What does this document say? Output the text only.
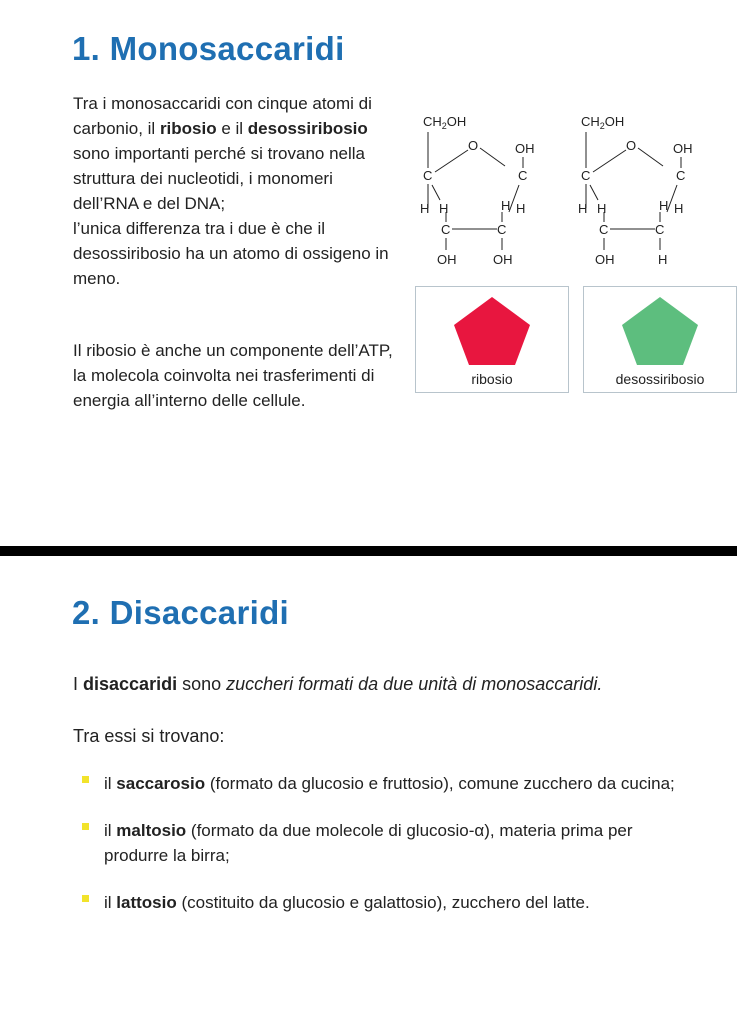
1. Monosaccaridi

Tra i monosaccaridi con cinque atomi di carbonio, il ribosio e il desossiribosio sono importanti perché si trovano nella struttura dei nucleotidi, i monomeri dell’RNA e del DNA;
l’unica differenza tra i due è che il desossiribosio ha un atomo di ossigeno in meno.

Il ribosio è anche un componente dell’ATP, la molecola coinvolta nei trasferimenti di energia all’interno delle cellule.

$CH_2OH$
C
O	OH
C
H H	H H
C	C
OH	OH
$CH_2OH$
C
O	OH
C
H H	H H
C	C
OH	H
ribosio	desossiribosio
2. Disaccaridi

I disaccaridi sono zuccheri formati da due unità di monosaccaridi.

Tra essi si trovano:

il saccarosio (formato da glucosio e fruttosio), comune zucchero da cucina;
il maltosio (formato da due molecole di glucosio-α), materia prima per produrre la birra;
il lattosio (costituito da glucosio e galattosio), zucchero del latte.
